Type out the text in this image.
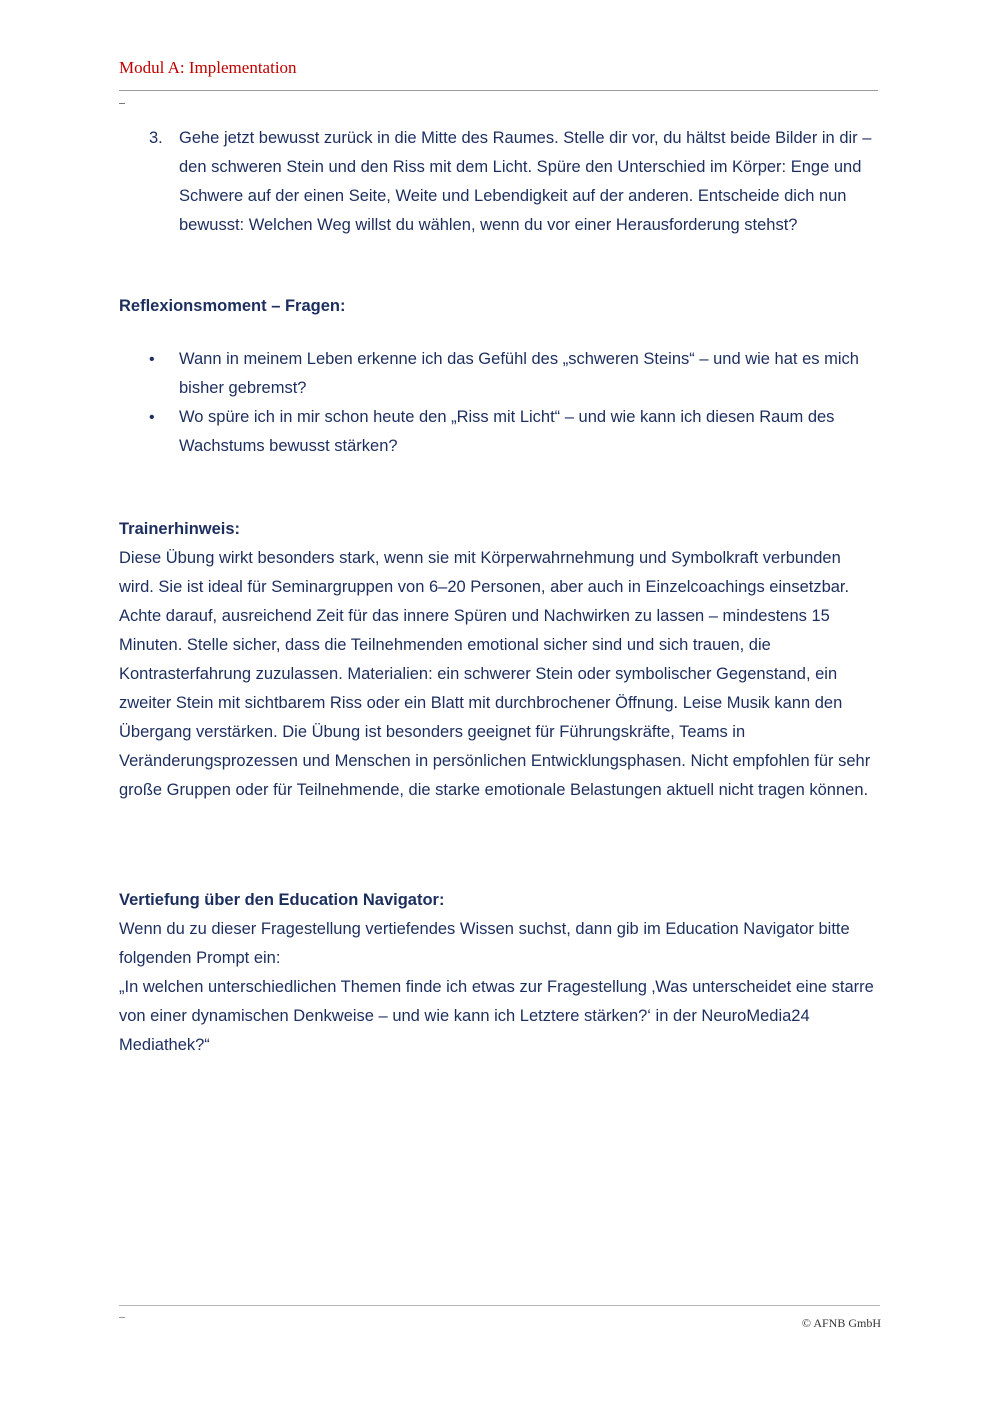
Modul A: Implementation

3. Gehe jetzt bewusst zurück in die Mitte des Raumes. Stelle dir vor, du hältst beide Bilder in dir – den schweren Stein und den Riss mit dem Licht. Spüre den Unterschied im Körper: Enge und Schwere auf der einen Seite, Weite und Lebendigkeit auf der anderen. Entscheide dich nun bewusst: Welchen Weg willst du wählen, wenn du vor einer Herausforderung stehst?
Reflexionsmoment – Fragen:
•	Wann in meinem Leben erkenne ich das Gefühl des „schweren Steins“ – und wie hat es mich bisher gebremst?
•	Wo spüre ich in mir schon heute den „Riss mit Licht“ – und wie kann ich diesen Raum des Wachstums bewusst stärken?
Trainerhinweis:

Diese Übung wirkt besonders stark, wenn sie mit Körperwahrnehmung und Symbolkraft verbunden wird. Sie ist ideal für Seminargruppen von 6–20 Personen, aber auch in Einzelcoachings einsetzbar. Achte darauf, ausreichend Zeit für das innere Spüren und Nachwirken zu lassen – mindestens 15 Minuten. Stelle sicher, dass die Teilnehmenden emotional sicher sind und sich trauen, die Kontrasterfahrung zuzulassen. Materialien: ein schwerer Stein oder symbolischer Gegenstand, ein zweiter Stein mit sichtbarem Riss oder ein Blatt mit durchbrochener Öffnung. Leise Musik kann den Übergang verstärken. Die Übung ist besonders geeignet für Führungskräfte, Teams in Veränderungsprozessen und Menschen in persönlichen Entwicklungsphasen. Nicht empfohlen für sehr große Gruppen oder für Teilnehmende, die starke emotionale Belastungen aktuell nicht tragen können.

Vertiefung über den Education Navigator:
Wenn du zu dieser Fragestellung vertiefendes Wissen suchst, dann gib im Education Navigator bitte folgenden Prompt ein:
„In welchen unterschiedlichen Themen finde ich etwas zur Fragestellung ‚Was unterscheidet eine starre von einer dynamischen Denkweise – und wie kann ich Letztere stärken?‘ in der NeuroMedia24 Mediathek?“
© AFNB GmbH
